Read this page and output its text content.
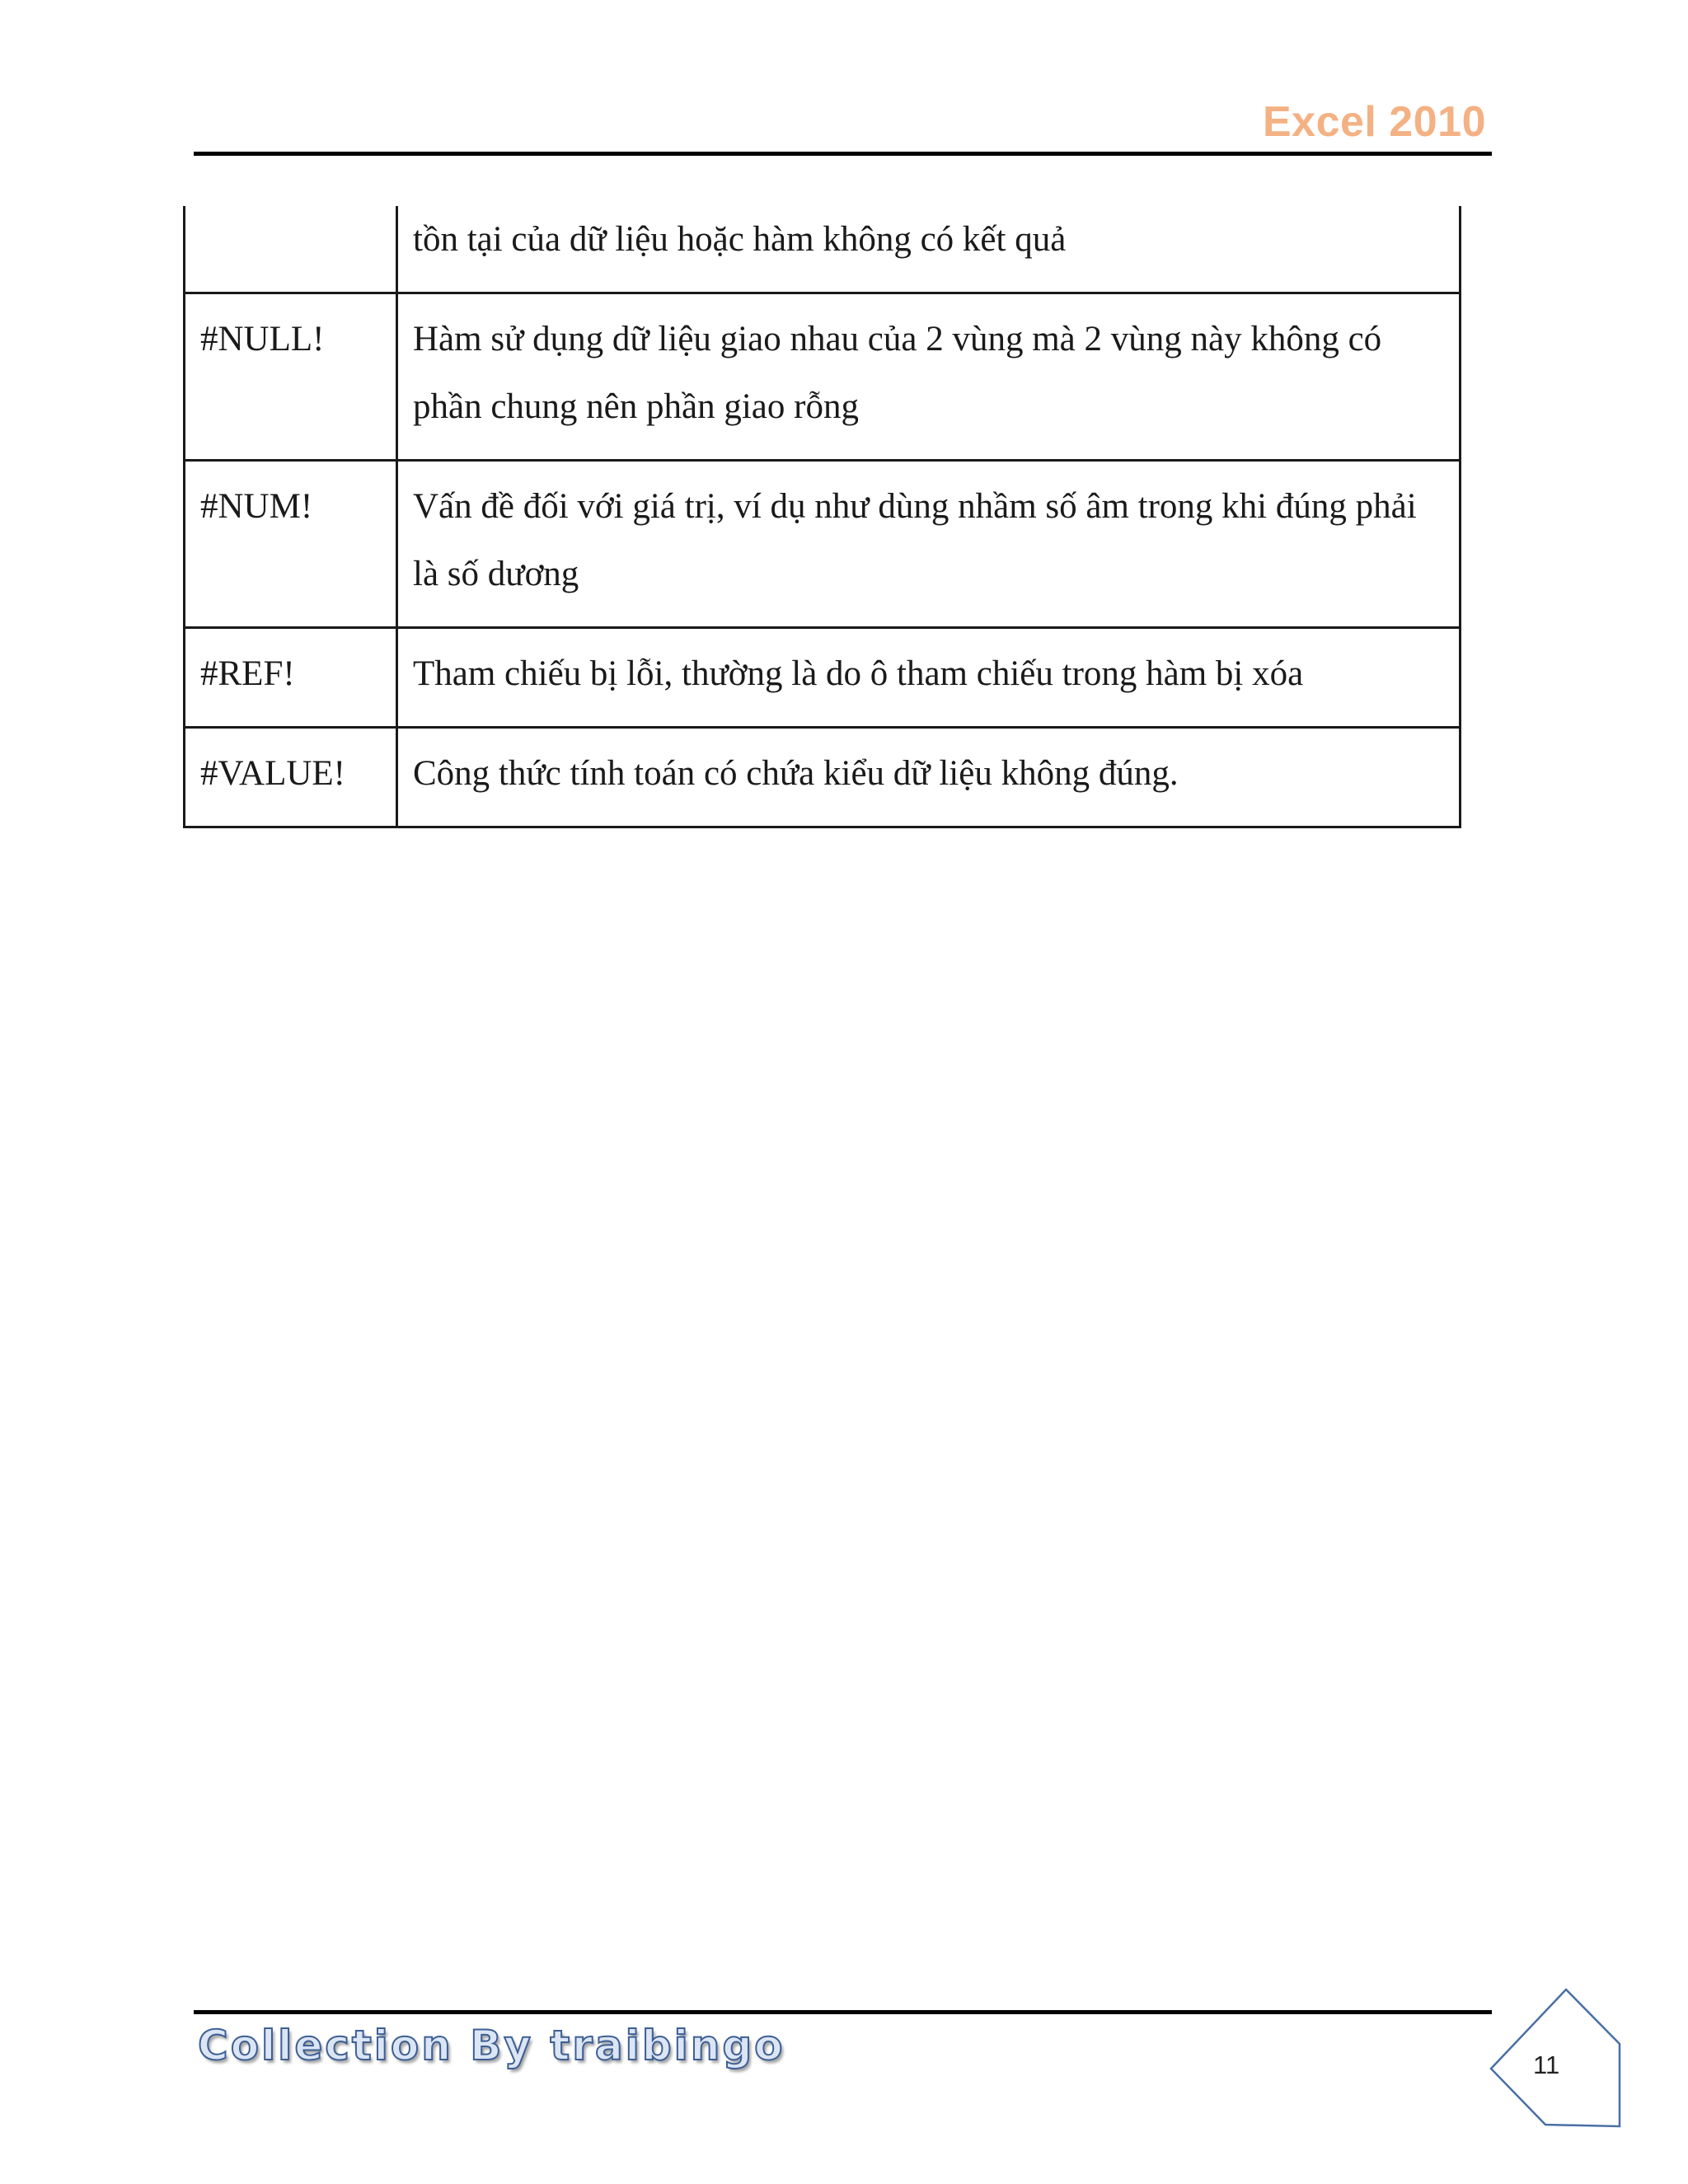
Excel 2010
	tồn tại của dữ liệu hoặc hàm không có kết quả
#NULL!	Hàm sử dụng dữ liệu giao nhau của 2 vùng mà 2 vùng này không có phần chung nên phần giao rỗng
#NUM!	Vấn đề đối với giá trị, ví dụ như dùng nhầm số âm trong khi đúng phải là số dương
#REF!	Tham chiếu bị lỗi, thường là do ô tham chiếu trong hàm bị xóa
#VALUE!	Công thức tính toán có chứa kiểu dữ liệu không đúng.
Collection By traibingo	11
